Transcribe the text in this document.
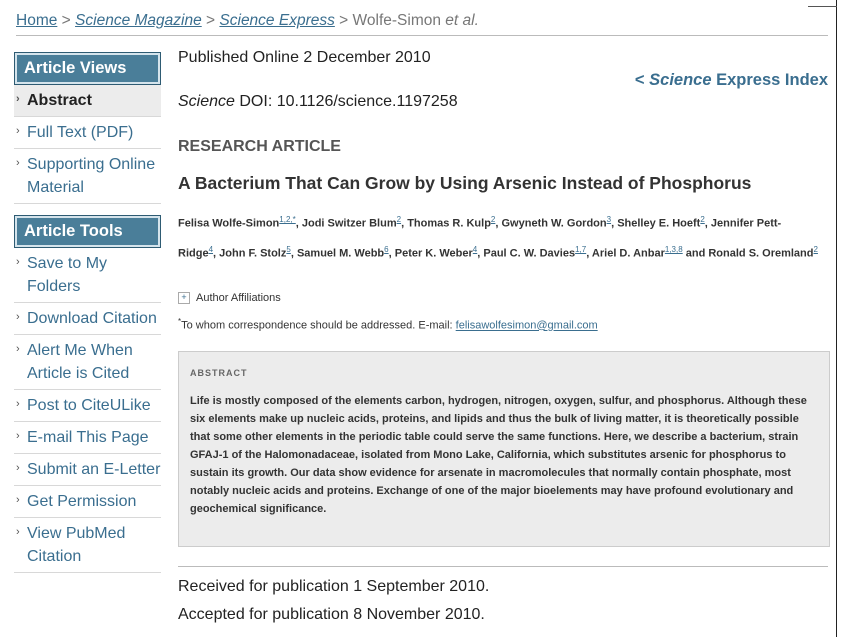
Home > Science Magazine > Science Express > Wolfe-Simon et al.
Article Views
› Abstract
› Full Text (PDF)
› Supporting Online Material
Article Tools
› Save to My Folders
› Download Citation
› Alert Me When Article is Cited
› Post to CiteULike
› E-mail This Page
› Submit an E-Letter
› Get Permission
› View PubMed Citation
Published Online 2 December 2010
< Science Express Index
Science DOI: 10.1126/science.1197258
RESEARCH ARTICLE
A Bacterium That Can Grow by Using Arsenic Instead of Phosphorus
Felisa Wolfe-Simon$^{1,2,*}$, Jodi Switzer Blum$^2$, Thomas R. Kulp$^2$, Gwyneth W. Gordon$^3$, Shelley E. Hoeft$^2$, Jennifer Pett-Ridge$^4$, John F. Stolz$^5$, Samuel M. Webb$^6$, Peter K. Weber$^4$, Paul C. W. Davies$^{1,7}$, Ariel D. Anbar$^{1,3,8}$ and Ronald S. Oremland$^2$
+ Author Affiliations
*To whom correspondence should be addressed. E-mail: felisawolfesimon@gmail.com
ABSTRACT
Life is mostly composed of the elements carbon, hydrogen, nitrogen, oxygen, sulfur, and phosphorus. Although these six elements make up nucleic acids, proteins, and lipids and thus the bulk of living matter, it is theoretically possible that some other elements in the periodic table could serve the same functions. Here, we describe a bacterium, strain GFAJ-1 of the Halomonadaceae, isolated from Mono Lake, California, which substitutes arsenic for phosphorus to sustain its growth. Our data show evidence for arsenate in macromolecules that normally contain phosphate, most notably nucleic acids and proteins. Exchange of one of the major bioelements may have profound evolutionary and geochemical significance.
Received for publication 1 September 2010.
Accepted for publication 8 November 2010.
